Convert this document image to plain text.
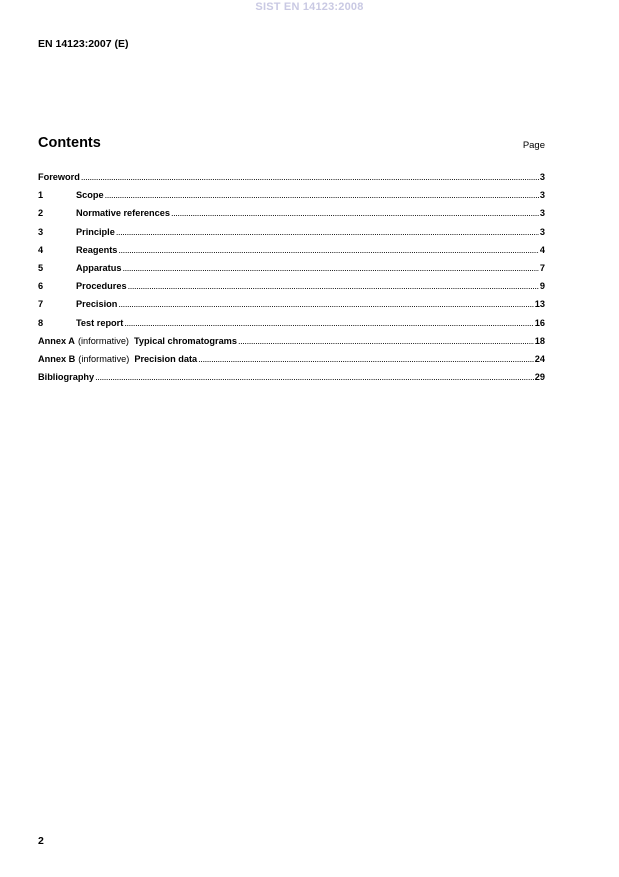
SIST EN 14123:2008
EN 14123:2007 (E)
Contents	Page
Foreword .....	3
1	Scope .....	3
2	Normative references .....	3
3	Principle .....	3
4	Reagents .....	4
5	Apparatus .....	7
6	Procedures .....	9
7	Precision .....	13
8	Test report .....	16
Annex A (informative) Typical chromatograms .....	18
Annex B (informative) Precision data .....	24
Bibliography .....	29
2
